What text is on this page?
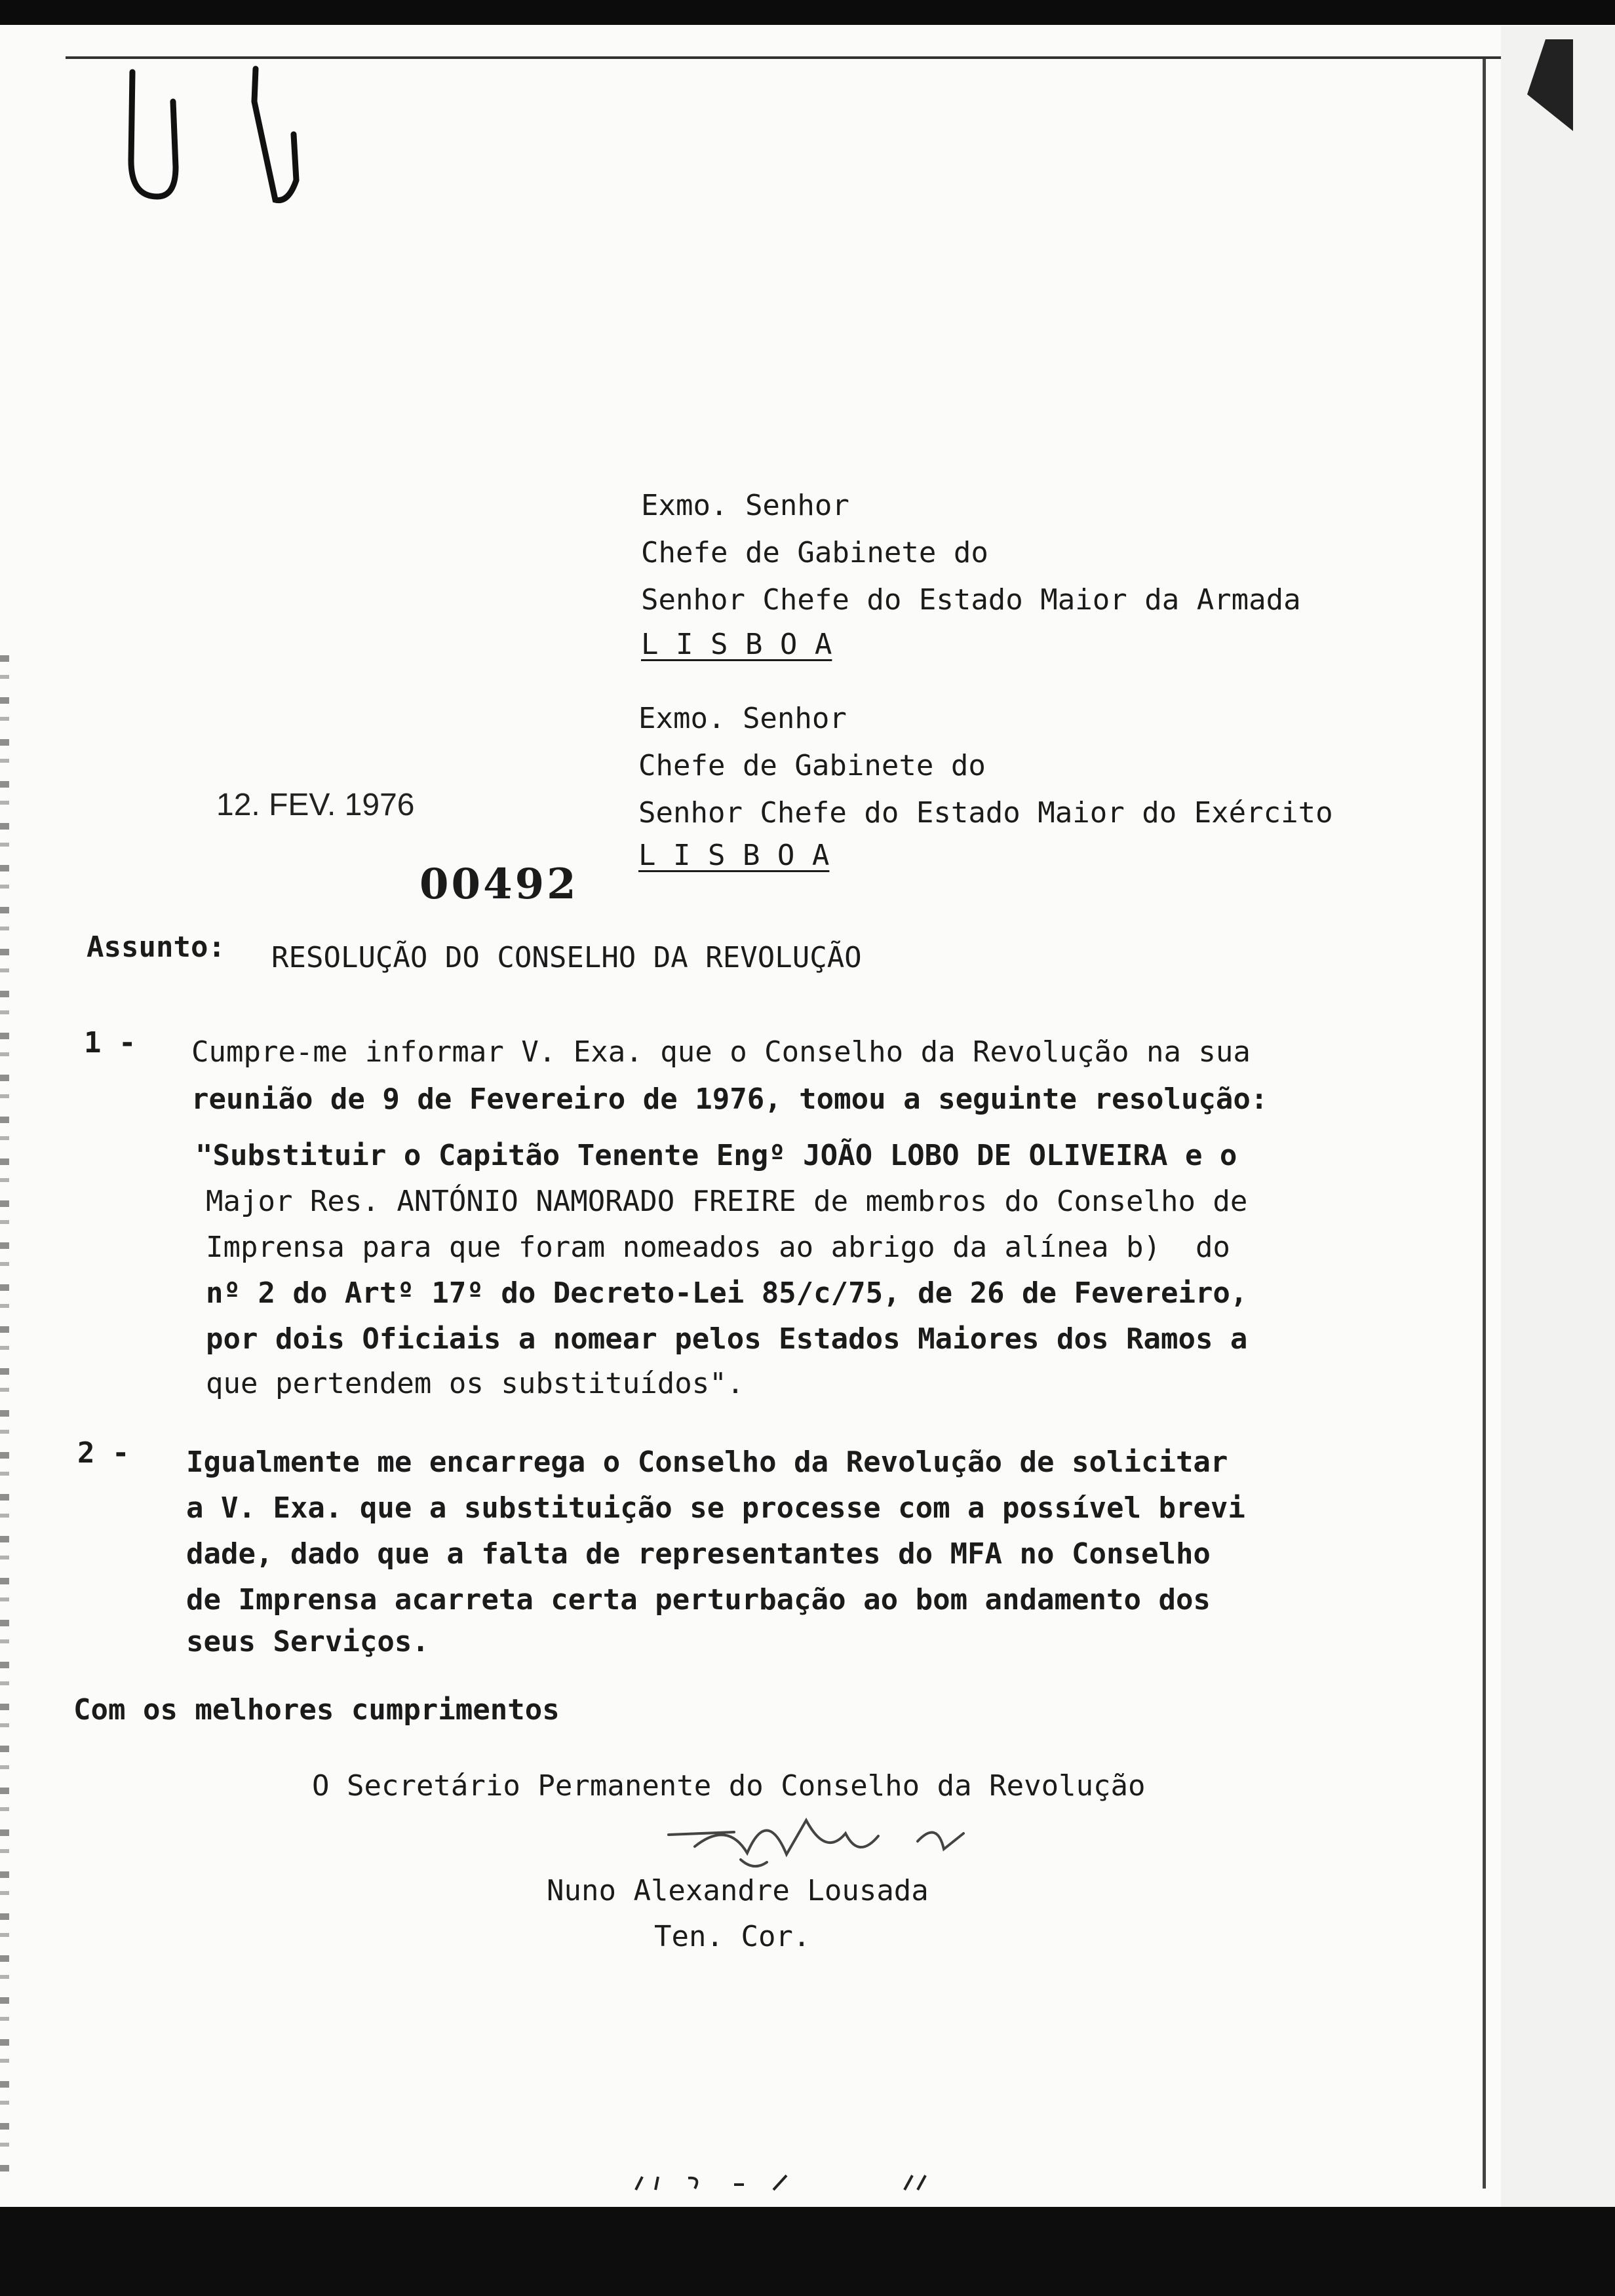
Exmo. Senhor
Chefe de Gabinete do
Senhor Chefe do Estado Maior da Armada
L I S B O A
Exmo. Senhor
Chefe de Gabinete do
Senhor Chefe do Estado Maior do Exército
L I S B O A
12. FEV. 1976
00492
Assunto: RESOLUÇÃO DO CONSELHO DA REVOLUÇÃO
1 - Cumpre-me informar V. Exa. que o Conselho da Revolução na sua
reunião de 9 de Fevereiro de 1976, tomou a seguinte resolução:
"Substituir o Capitão Tenente Engº JOÃO LOBO DE OLIVEIRA e o
Major Res. ANTÓNIO NAMORADO FREIRE de membros do Conselho de
Imprensa para que foram nomeados ao abrigo da alínea b)  do
nº 2 do Artº 17º do Decreto-Lei 85/c/75, de 26 de Fevereiro,
por dois Oficiais a nomear pelos Estados Maiores dos Ramos a
que pertendem os substituídos".
2 - Igualmente me encarrega o Conselho da Revolução de solicitar
a V. Exa. que a substituição se processe com a possível brevi
dade, dado que a falta de representantes do MFA no Conselho
de Imprensa acarreta certa perturbação ao bom andamento dos
seus Serviços.
Com os melhores cumprimentos
O Secretário Permanente do Conselho da Revolução
Nuno Alexandre Lousada
Ten. Cor.
